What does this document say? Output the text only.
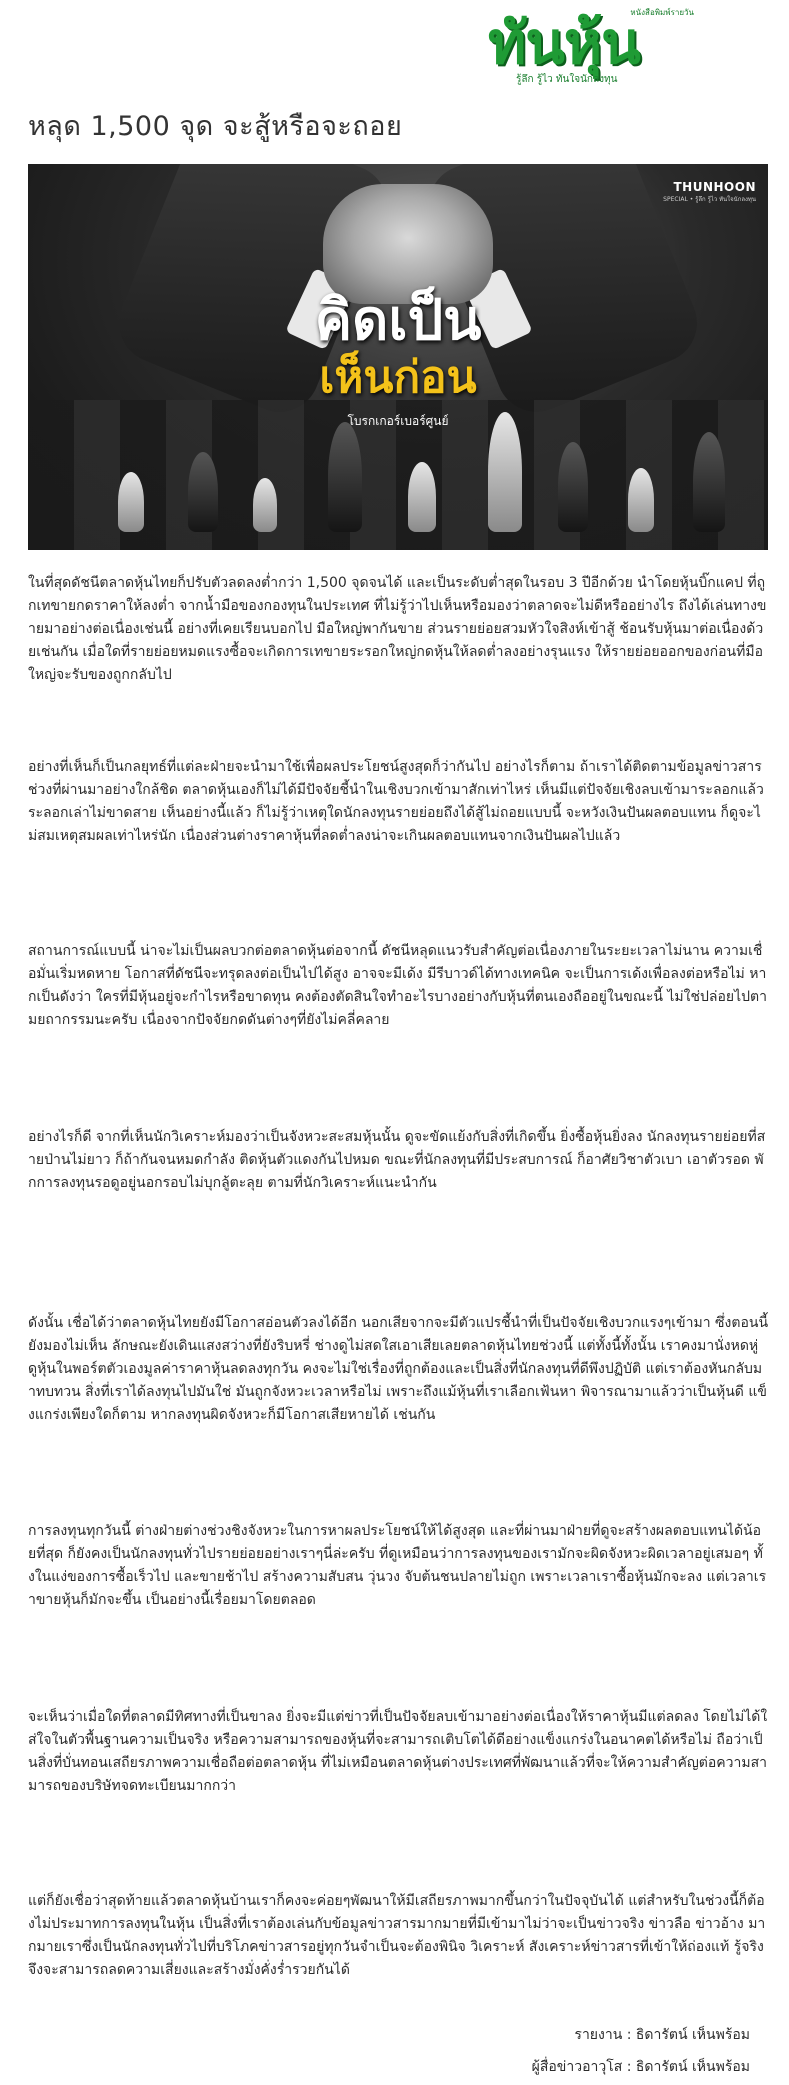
หนังสือพิมพ์รายวัน
ทันหุ้น
รู้ลึก รู้ไว ทันใจนักลงทุน
หลุด 1,500 จุด จะสู้หรือจะถอย
THUNHOON
SPECIAL • รู้ลึก รู้ไว ทันใจนักลงทุน
คิดเป็น
เห็นก่อน
โบรกเกอร์เบอร์ศูนย์

ในที่สุดดัชนีตลาดหุ้นไทยก็ปรับตัวลดลงต่ำกว่า 1,500 จุดจนได้ และเป็นระดับต่ำสุดในรอบ 3 ปีอีกด้วย นำโดยหุ้นบิ๊กแคป ที่ถูกเทขายกดราคาให้ลงต่ำ จากน้ำมือของกองทุนในประเทศ ที่ไม่รู้ว่าไปเห็นหรือมองว่าตลาดจะไม่ดีหรืออย่างไร ถึงได้เล่นทางขายมาอย่างต่อเนื่องเช่นนี้ อย่างที่เคยเรียนบอกไป มือใหญ่พากันขาย ส่วนรายย่อยสวมหัวใจสิงห์เข้าสู้ ช้อนรับหุ้นมาต่อเนื่องด้วยเช่นกัน เมื่อใดที่รายย่อยหมดแรงซื้อจะเกิดการเทขายระรอกใหญ่กดหุ้นให้ลดต่ำลงอย่างรุนแรง ให้รายย่อยออกของก่อนที่มือใหญ่จะรับของถูกกลับไป

อย่างที่เห็นก็เป็นกลยุทธ์ที่แต่ละฝ่ายจะนำมาใช้เพื่อผลประโยชน์สูงสุดก็ว่ากันไป อย่างไรก็ตาม ถ้าเราได้ติดตามข้อมูลข่าวสารช่วงที่ผ่านมาอย่างใกล้ชิด ตลาดหุ้นเองก็ไม่ได้มีปัจจัยชี้นำในเชิงบวกเข้ามาสักเท่าไหร่ เห็นมีแต่ปัจจัยเชิงลบเข้ามาระลอกแล้วระลอกเล่าไม่ขาดสาย เห็นอย่างนี้แล้ว ก็ไม่รู้ว่าเหตุใดนักลงทุนรายย่อยถึงได้สู้ไม่ถอยแบบนี้ จะหวังเงินปันผลตอบแทน ก็ดูจะไม่สมเหตุสมผลเท่าไหร่นัก เนื่องส่วนต่างราคาหุ้นที่ลดต่ำลงน่าจะเกินผลตอบแทนจากเงินปันผลไปแล้ว

สถานการณ์แบบนี้ น่าจะไม่เป็นผลบวกต่อตลาดหุ้นต่อจากนี้ ดัชนีหลุดแนวรับสำคัญต่อเนื่องภายในระยะเวลาไม่นาน ความเชื่อมั่นเริ่มหดหาย โอกาสที่ดัชนีจะทรุดลงต่อเป็นไปได้สูง อาจจะมีเด้ง มีรีบาวด์ได้ทางเทคนิค จะเป็นการเด้งเพื่อลงต่อหรือไม่ หากเป็นดังว่า ใครที่มีหุ้นอยู่จะกำไรหรือขาดทุน คงต้องตัดสินใจทำอะไรบางอย่างกับหุ้นที่ตนเองถืออยู่ในขณะนี้ ไม่ใช่ปล่อยไปตามยถากรรมนะครับ เนื่องจากปัจจัยกดดันต่างๆที่ยังไม่คลี่คลาย

อย่างไรก็ดี จากที่เห็นนักวิเคราะห์มองว่าเป็นจังหวะสะสมหุ้นนั้น ดูจะขัดแย้งกับสิ่งที่เกิดขึ้น ยิ่งซื้อหุ้นยิ่งลง นักลงทุนรายย่อยที่สายป่านไม่ยาว ก็ถ้ากันจนหมดกำลัง ติดหุ้นตัวแดงกันไปหมด ขณะที่นักลงทุนที่มีประสบการณ์ ก็อาศัยวิชาตัวเบา เอาตัวรอด พักการลงทุนรอดูอยู่นอกรอบไม่บุกลู้ตะลุย ตามที่นักวิเคราะห์แนะนำกัน

ดังนั้น เชื่อได้ว่าตลาดหุ้นไทยยังมีโอกาสอ่อนตัวลงได้อีก นอกเสียจากจะมีตัวแปรชี้นำที่เป็นปัจจัยเชิงบวกแรงๆเข้ามา ซึ่งตอนนี้ยังมองไม่เห็น ลักษณะยังเดินแสงสว่างที่ยังริบหรี่ ช่างดูไม่สดใสเอาเสียเลยตลาดหุ้นไทยช่วงนี้ แต่ทั้งนี้ทั้งนั้น เราคงมานั่งหดหู่ ดูหุ้นในพอร์ตตัวเองมูลค่าราคาหุ้นลดลงทุกวัน คงจะไม่ใช่เรื่องที่ถูกต้องและเป็นสิ่งที่นักลงทุนที่ดีพึงปฏิบัติ แต่เราต้องหันกลับมาทบทวน สิ่งที่เราได้ลงทุนไปมันใช่ มันถูกจังหวะเวลาหรือไม่ เพราะถึงแม้หุ้นที่เราเลือกเฟ้นหา พิจารณามาแล้วว่าเป็นหุ้นดี แข็งแกร่งเพียงใดก็ตาม หากลงทุนผิดจังหวะก็มีโอกาสเสียหายได้ เช่นกัน

การลงทุนทุกวันนี้ ต่างฝ่ายต่างช่วงชิงจังหวะในการหาผลประโยชน์ให้ได้สูงสุด และที่ผ่านมาฝ่ายที่ดูจะสร้างผลตอบแทนได้น้อยที่สุด ก็ยังคงเป็นนักลงทุนทั่วไปรายย่อยอย่างเราๆนี่ล่ะครับ ที่ดูเหมือนว่าการลงทุนของเรามักจะผิดจังหวะผิดเวลาอยู่เสมอๆ ทั้งในแง่ของการซื้อเร็วไป และขายช้าไป สร้างความสับสน วุ่นวง จับต้นชนปลายไม่ถูก เพราะเวลาเราซื้อหุ้นมักจะลง แต่เวลาเราขายหุ้นก็มักจะขึ้น เป็นอย่างนี้เรื่อยมาโดยตลอด

จะเห็นว่าเมื่อใดที่ตลาดมีทิศทางที่เป็นขาลง ยิ่งจะมีแต่ข่าวที่เป็นปัจจัยลบเข้ามาอย่างต่อเนื่องให้ราคาหุ้นมีแต่ลดลง โดยไม่ได้ใส่ใจในตัวพื้นฐานความเป็นจริง หรือความสามารถของหุ้นที่จะสามารถเติบโตได้ดีอย่างแข็งแกร่งในอนาคตได้หรือไม่ ถือว่าเป็นสิ่งที่บั่นทอนเสถียรภาพความเชื่อถือต่อตลาดหุ้น ที่ไม่เหมือนตลาดหุ้นต่างประเทศที่พัฒนาแล้วที่จะให้ความสำคัญต่อความสามารถของบริษัทจดทะเบียนมากกว่า

แต่ก็ยังเชื่อว่าสุดท้ายแล้วตลาดหุ้นบ้านเราก็คงจะค่อยๆพัฒนาให้มีเสถียรภาพมากขึ้นกว่าในปัจจุบันได้ แต่สำหรับในช่วงนี้ก็ต้องไม่ประมาทการลงทุนในหุ้น เป็นสิ่งที่เราต้องเล่นกับข้อมูลข่าวสารมากมายที่มีเข้ามาไม่ว่าจะเป็นข่าวจริง ข่าวลือ ข่าวอ้าง มากมายเราซึ่งเป็นนักลงทุนทั่วไปที่บริโภคข่าวสารอยู่ทุกวันจำเป็นจะต้องพินิจ วิเคราะห์ สังเคราะห์ข่าวสารที่เข้าให้ถ่องแท้ รู้จริง จึงจะสามารถลดความเสี่ยงและสร้างมั่งคั่งร่ำรวยกันได้

รายงาน : ธิดารัตน์ เห็นพร้อม

ผู้สื่อข่าวอาวุโส : ธิดารัตน์ เห็นพร้อม
